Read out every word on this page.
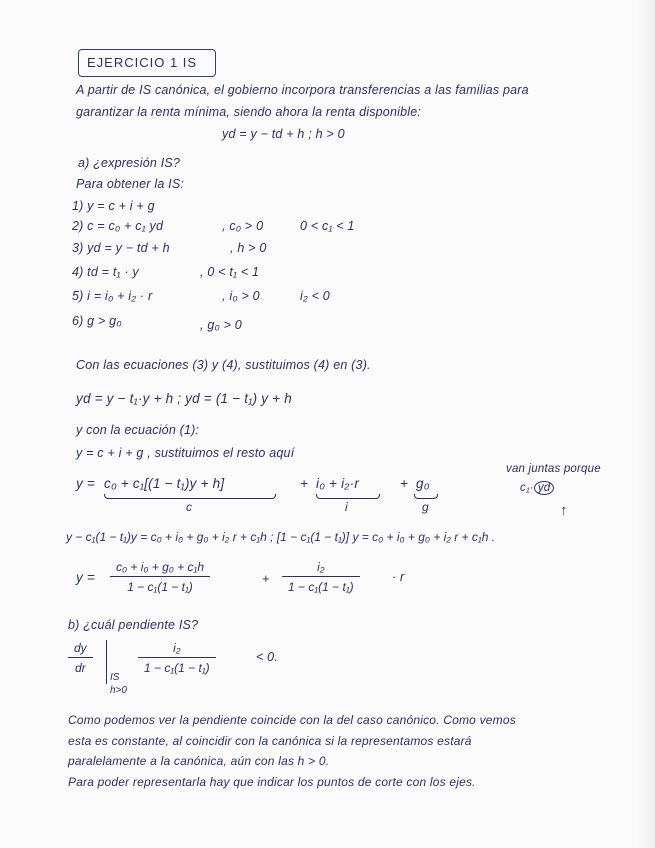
EJERCICIO 1 IS
A partir de IS canónica, el gobierno incorpora transferencias a las familias para
garantizar la renta mínima, siendo ahora la renta disponible:
yd = y − td + h ; h > 0
a) ¿expresión IS?
Para obtener la IS:
1) y = c + i + g
2) c = c₀ + c₁ yd	, c₀ > 0	0 < c₁ < 1
3) yd = y − td + h	, h > 0
4) td = t₁ · y	, 0 < t₁ < 1
5) i = i₀ + i₂ · r	, i₀ > 0	i₂ < 0
6) g > g₀	, g₀ > 0
Con las ecuaciones (3) y (4), sustituimos (4) en (3).
yd = y − t₁·y + h ; yd = (1 − t₁) y + h
y con la ecuación (1):
y = c + i + g , sustituimos el resto aquí
y = c₀ + c₁[(1 − t₁)y + h]
c
+ i₀ + i₂·r
i
+ g₀
g
van juntas porque
c₁· yd
↑
y − c₁(1 − t₁)y = c₀ + i₀ + g₀ + i₂ r + c₁h ; [1 − c₁(1 − t₁)] y = c₀ + i₀ + g₀ + i₂ r + c₁h .
$y = \frac{\text{c₀ + i₀ + g₀ + c₁h}}{\text{1 − c₁(1 − t₁)}}$	+ $\frac{\text{i₂}}{\text{1 − c₁(1 − t₁)}}$	· r
b) ¿cuál pendiente IS?
$\frac{dy}{dr}$
IS
h>0
$\frac{\text{i₂}}{\text{1 − c₁(1 − t₁)}}$	< 0.
Como podemos ver la pendiente coincide con la del caso canónico. Como vemos
esta es constante, al coincidir con la canónica si la representamos estará
paralelamente a la canónica, aún con las h > 0.
Para poder representarla hay que indicar los puntos de corte con los ejes.
